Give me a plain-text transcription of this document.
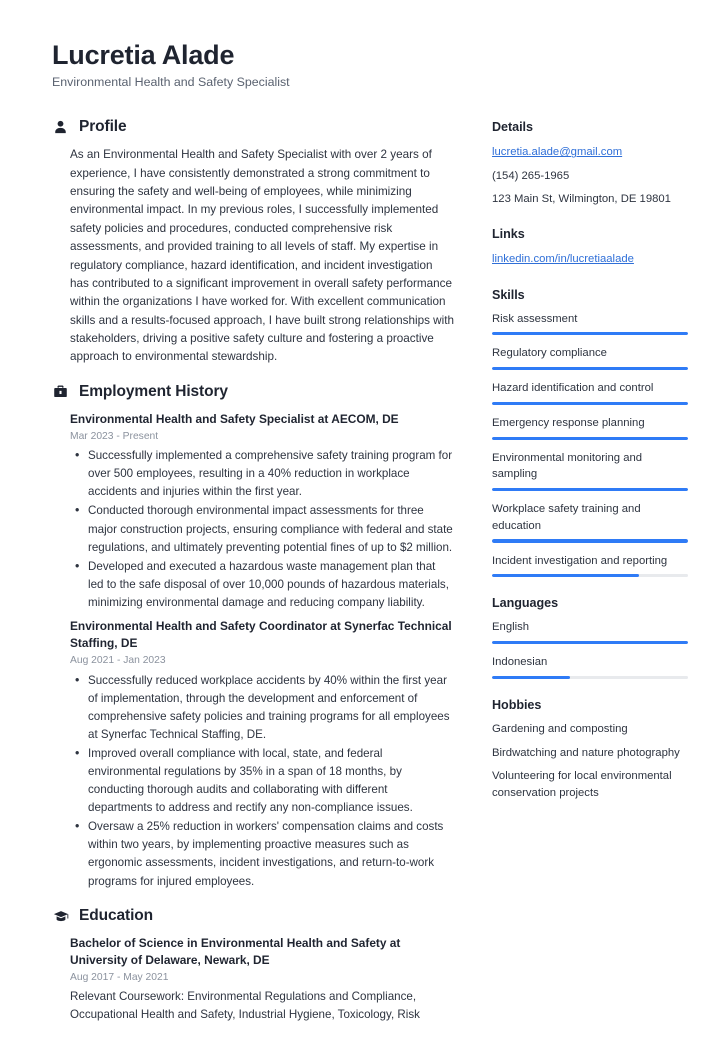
Lucretia Alade
Environmental Health and Safety Specialist
Profile

As an Environmental Health and Safety Specialist with over 2 years of experience, I have consistently demonstrated a strong commitment to ensuring the safety and well-being of employees, while minimizing environmental impact. In my previous roles, I successfully implemented safety policies and procedures, conducted comprehensive risk assessments, and provided training to all levels of staff. My expertise in regulatory compliance, hazard identification, and incident investigation has contributed to a significant improvement in overall safety performance within the organizations I have worked for. With excellent communication skills and a results-focused approach, I have built strong relationships with stakeholders, driving a positive safety culture and fostering a proactive approach to environmental stewardship.

Employment History
Environmental Health and Safety Specialist at AECOM, DE
Mar 2023 - Present
• Successfully implemented a comprehensive safety training program for over 500 employees, resulting in a 40% reduction in workplace accidents and injuries within the first year.
• Conducted thorough environmental impact assessments for three major construction projects, ensuring compliance with federal and state regulations, and ultimately preventing potential fines of up to $2 million.
• Developed and executed a hazardous waste management plan that led to the safe disposal of over 10,000 pounds of hazardous materials, minimizing environmental damage and reducing company liability.
Environmental Health and Safety Coordinator at Synerfac Technical Staffing, DE
Aug 2021 - Jan 2023
• Successfully reduced workplace accidents by 40% within the first year of implementation, through the development and enforcement of comprehensive safety policies and training programs for all employees at Synerfac Technical Staffing, DE.
• Improved overall compliance with local, state, and federal environmental regulations by 35% in a span of 18 months, by conducting thorough audits and collaborating with different departments to address and rectify any non-compliance issues.
• Oversaw a 25% reduction in workers' compensation claims and costs within two years, by implementing proactive measures such as ergonomic assessments, incident investigations, and return-to-work programs for injured employees.
Education
Bachelor of Science in Environmental Health and Safety at University of Delaware, Newark, DE
Aug 2017 - May 2021
Relevant Coursework: Environmental Regulations and Compliance, Occupational Health and Safety, Industrial Hygiene, Toxicology, Risk
Details
lucretia.alade@gmail.com
(154) 265-1965
123 Main St, Wilmington, DE 19801
Links
linkedin.com/in/lucretiaalade
Skills
Risk assessment
Regulatory compliance
Hazard identification and control
Emergency response planning
Environmental monitoring and sampling
Workplace safety training and education
Incident investigation and reporting
Languages
English
Indonesian
Hobbies
Gardening and composting
Birdwatching and nature photography
Volunteering for local environmental conservation projects
